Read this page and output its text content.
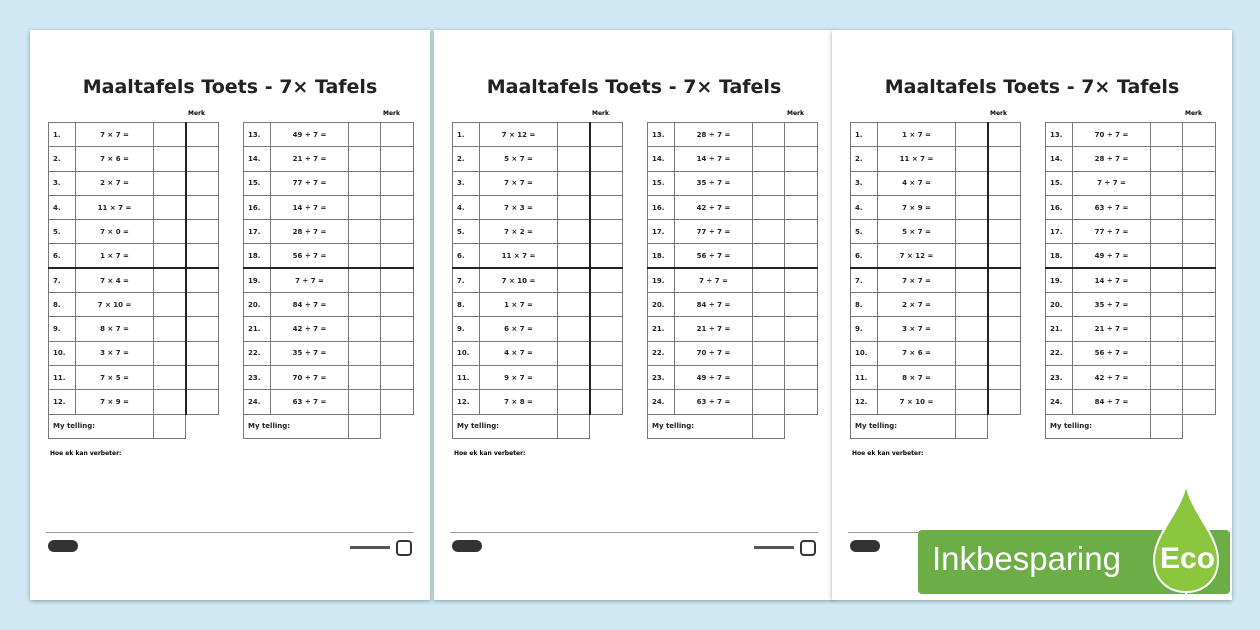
Maaltafels Toets - 7× Tafels
Merk
1.	7 × 7 =		
2.	7 × 6 =		
3.	2 × 7 =		
4.	11 × 7 =		
5.	7 × 0 =		
6.	1 × 7 =		
7.	7 × 4 =		
8.	7 × 10 =		
9.	8 × 7 =		
10.	3 × 7 =		
11.	7 × 5 =		
12.	7 × 9 =		
My telling:			
Merk
13.	49 ÷ 7 =		
14.	21 ÷ 7 =		
15.	77 ÷ 7 =		
16.	14 ÷ 7 =		
17.	28 ÷ 7 =		
18.	56 ÷ 7 =		
19.	7 ÷ 7 =		
20.	84 ÷ 7 =		
21.	42 ÷ 7 =		
22.	35 ÷ 7 =		
23.	70 ÷ 7 =		
24.	63 ÷ 7 =		
My telling:			
Hoe ek kan verbeter:
Maaltafels Toets - 7× Tafels
Merk
1.	7 × 12 =		
2.	5 × 7 =		
3.	7 × 7 =		
4.	7 × 3 =		
5.	7 × 2 =		
6.	11 × 7 =		
7.	7 × 10 =		
8.	1 × 7 =		
9.	6 × 7 =		
10.	4 × 7 =		
11.	9 × 7 =		
12.	7 × 8 =		
My telling:			
Merk
13.	28 ÷ 7 =		
14.	14 ÷ 7 =		
15.	35 ÷ 7 =		
16.	42 ÷ 7 =		
17.	77 ÷ 7 =		
18.	56 ÷ 7 =		
19.	7 ÷ 7 =		
20.	84 ÷ 7 =		
21.	21 ÷ 7 =		
22.	70 ÷ 7 =		
23.	49 ÷ 7 =		
24.	63 ÷ 7 =		
My telling:			
Hoe ek kan verbeter:
Maaltafels Toets - 7× Tafels
Merk
1.	1 × 7 =		
2.	11 × 7 =		
3.	4 × 7 =		
4.	7 × 9 =		
5.	5 × 7 =		
6.	7 × 12 =		
7.	7 × 7 =		
8.	2 × 7 =		
9.	3 × 7 =		
10.	7 × 6 =		
11.	8 × 7 =		
12.	7 × 10 =		
My telling:			
Merk
13.	70 ÷ 7 =		
14.	28 ÷ 7 =		
15.	7 ÷ 7 =		
16.	63 ÷ 7 =		
17.	77 ÷ 7 =		
18.	49 ÷ 7 =		
19.	14 ÷ 7 =		
20.	35 ÷ 7 =		
21.	21 ÷ 7 =		
22.	56 ÷ 7 =		
23.	42 ÷ 7 =		
24.	84 ÷ 7 =		
My telling:			
Hoe ek kan verbeter:
Inkbesparing Eco
